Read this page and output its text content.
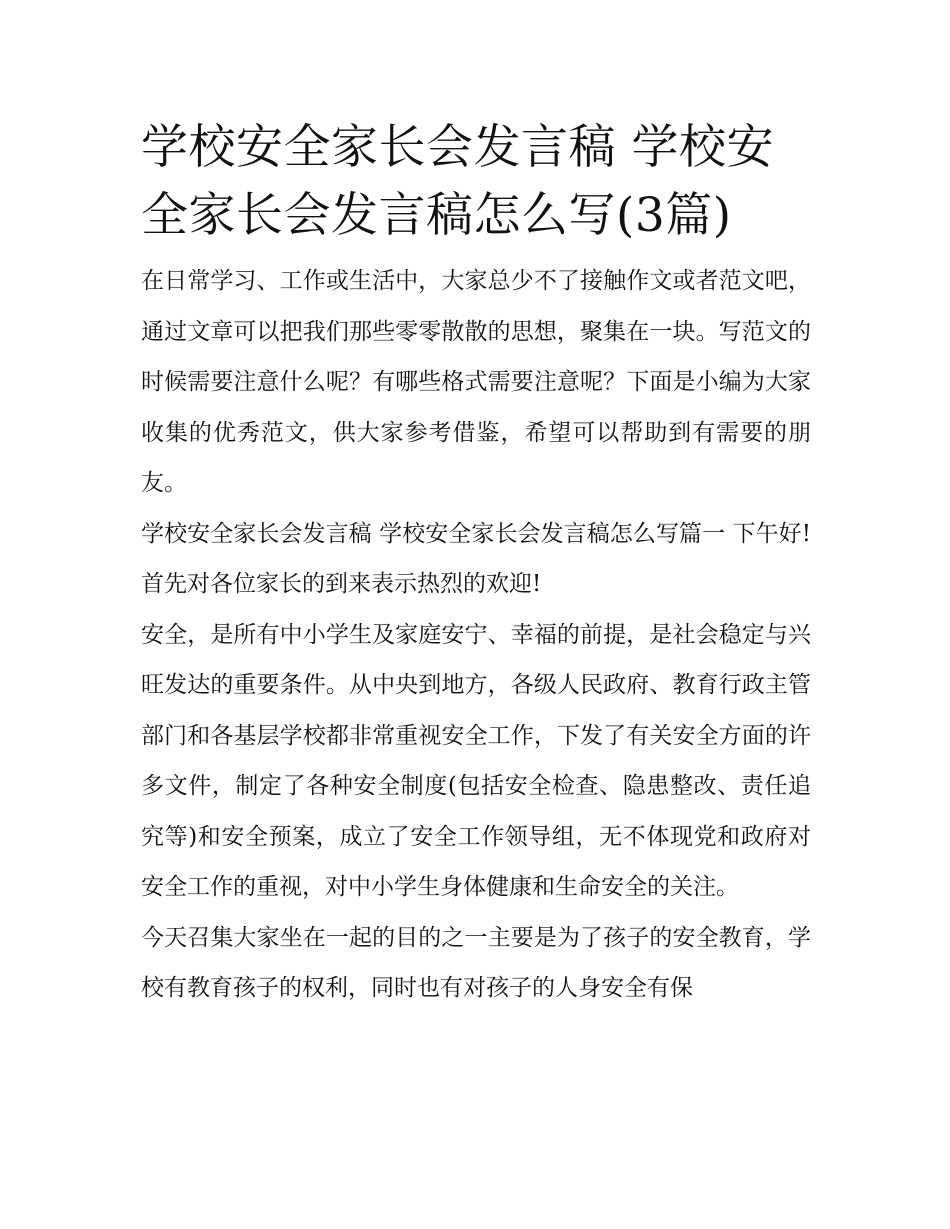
学校安全家长会发言稿 学校安全家长会发言稿怎么写(3篇)

在日常学习、工作或生活中，大家总少不了接触作文或者范文吧，通过文章可以把我们那些零零散散的思想，聚集在一块。写范文的时候需要注意什么呢？有哪些格式需要注意呢？下面是小编为大家收集的优秀范文，供大家参考借鉴，希望可以帮助到有需要的朋友。

学校安全家长会发言稿 学校安全家长会发言稿怎么写篇一 下午好! 首先对各位家长的到来表示热烈的欢迎!

安全，是所有中小学生及家庭安宁、幸福的前提，是社会稳定与兴旺发达的重要条件。从中央到地方，各级人民政府、教育行政主管部门和各基层学校都非常重视安全工作，下发了有关安全方面的许多文件，制定了各种安全制度(包括安全检查、隐患整改、责任追究等)和安全预案，成立了安全工作领导组，无不体现党和政府对安全工作的重视，对中小学生身体健康和生命安全的关注。

今天召集大家坐在一起的目的之一主要是为了孩子的安全教育，学校有教育孩子的权利，同时也有对孩子的人身安全有保
